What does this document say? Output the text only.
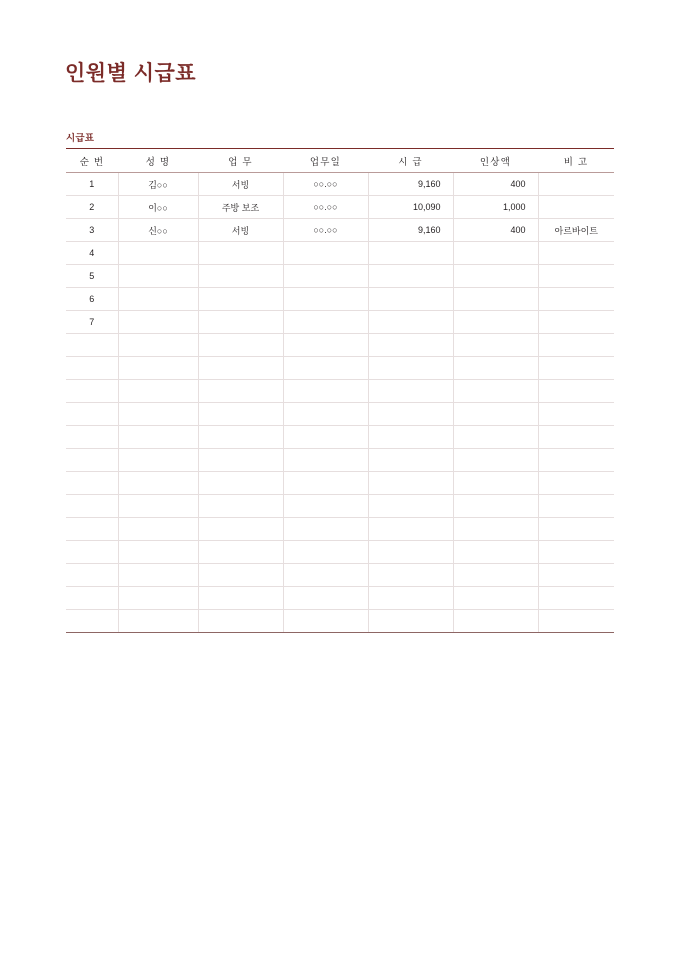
인원별 시급표
시급표
순 번	성 명	업 무	업무일	시 급	인상액	비 고
1	김○○	서빙	○○.○○	9,160	400	
2	이○○	주방 보조	○○.○○	10,090	1,000	
3	신○○	서빙	○○.○○	9,160	400	아르바이트
4						
5						
6						
7						
